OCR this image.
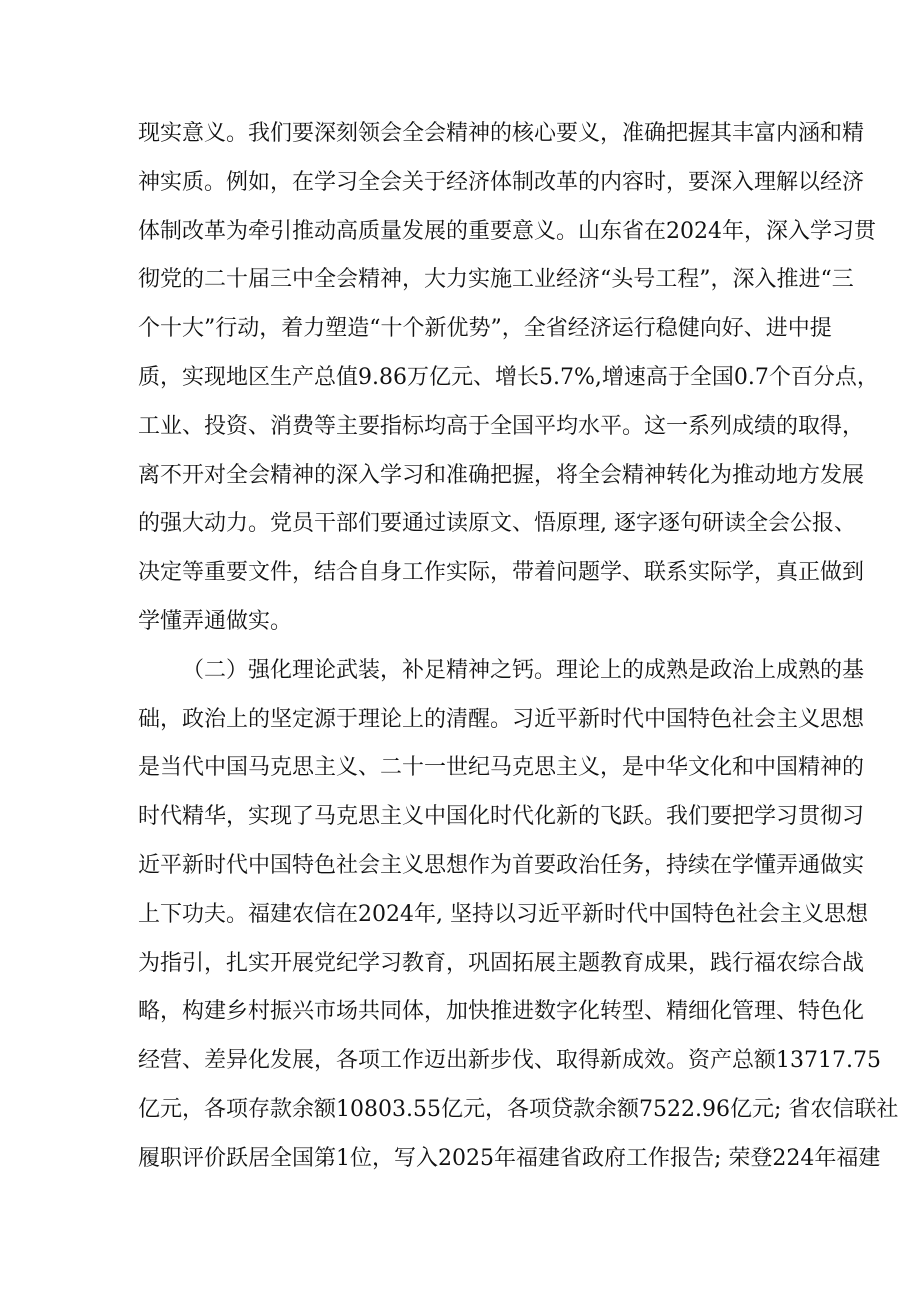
现实意义。我们要深刻领会全会精神的核心要义，准确把握其丰富内涵和精
神实质。例如，在学习全会关于经济体制改革的内容时，要深入理解以经济
体制改革为牵引推动高质量发展的重要意义。山东省在2024年，深入学习贯
彻党的二十届三中全会精神，大力实施工业经济“头号工程”，深入推进“三
个十大”行动，着力塑造“十个新优势”，全省经济运行稳健向好、进中提
质，实现地区生产总值9.86万亿元、增长5.7%,增速高于全国0.7个百分点，
工业、投资、消费等主要指标均高于全国平均水平。这一系列成绩的取得，
离不开对全会精神的深入学习和准确把握，将全会精神转化为推动地方发展
的强大动力。党员干部们要通过读原文、悟原理, 逐字逐句研读全会公报、
决定等重要文件，结合自身工作实际，带着问题学、联系实际学，真正做到
学懂弄通做实。
（二）强化理论武装，补足精神之钙。理论上的成熟是政治上成熟的基
础，政治上的坚定源于理论上的清醒。习近平新时代中国特色社会主义思想
是当代中国马克思主义、二十一世纪马克思主义，是中华文化和中国精神的
时代精华，实现了马克思主义中国化时代化新的飞跃。我们要把学习贯彻习
近平新时代中国特色社会主义思想作为首要政治任务，持续在学懂弄通做实
上下功夫。福建农信在2024年, 坚持以习近平新时代中国特色社会主义思想
为指引，扎实开展党纪学习教育，巩固拓展主题教育成果，践行福农综合战
略，构建乡村振兴市场共同体，加快推进数字化转型、精细化管理、特色化
经营、差异化发展，各项工作迈出新步伐、取得新成效。资产总额13717.75
亿元，各项存款余额10803.55亿元，各项贷款余额7522.96亿元; 省农信联社
履职评价跃居全国第1位，写入2025年福建省政府工作报告; 荣登224年福建
